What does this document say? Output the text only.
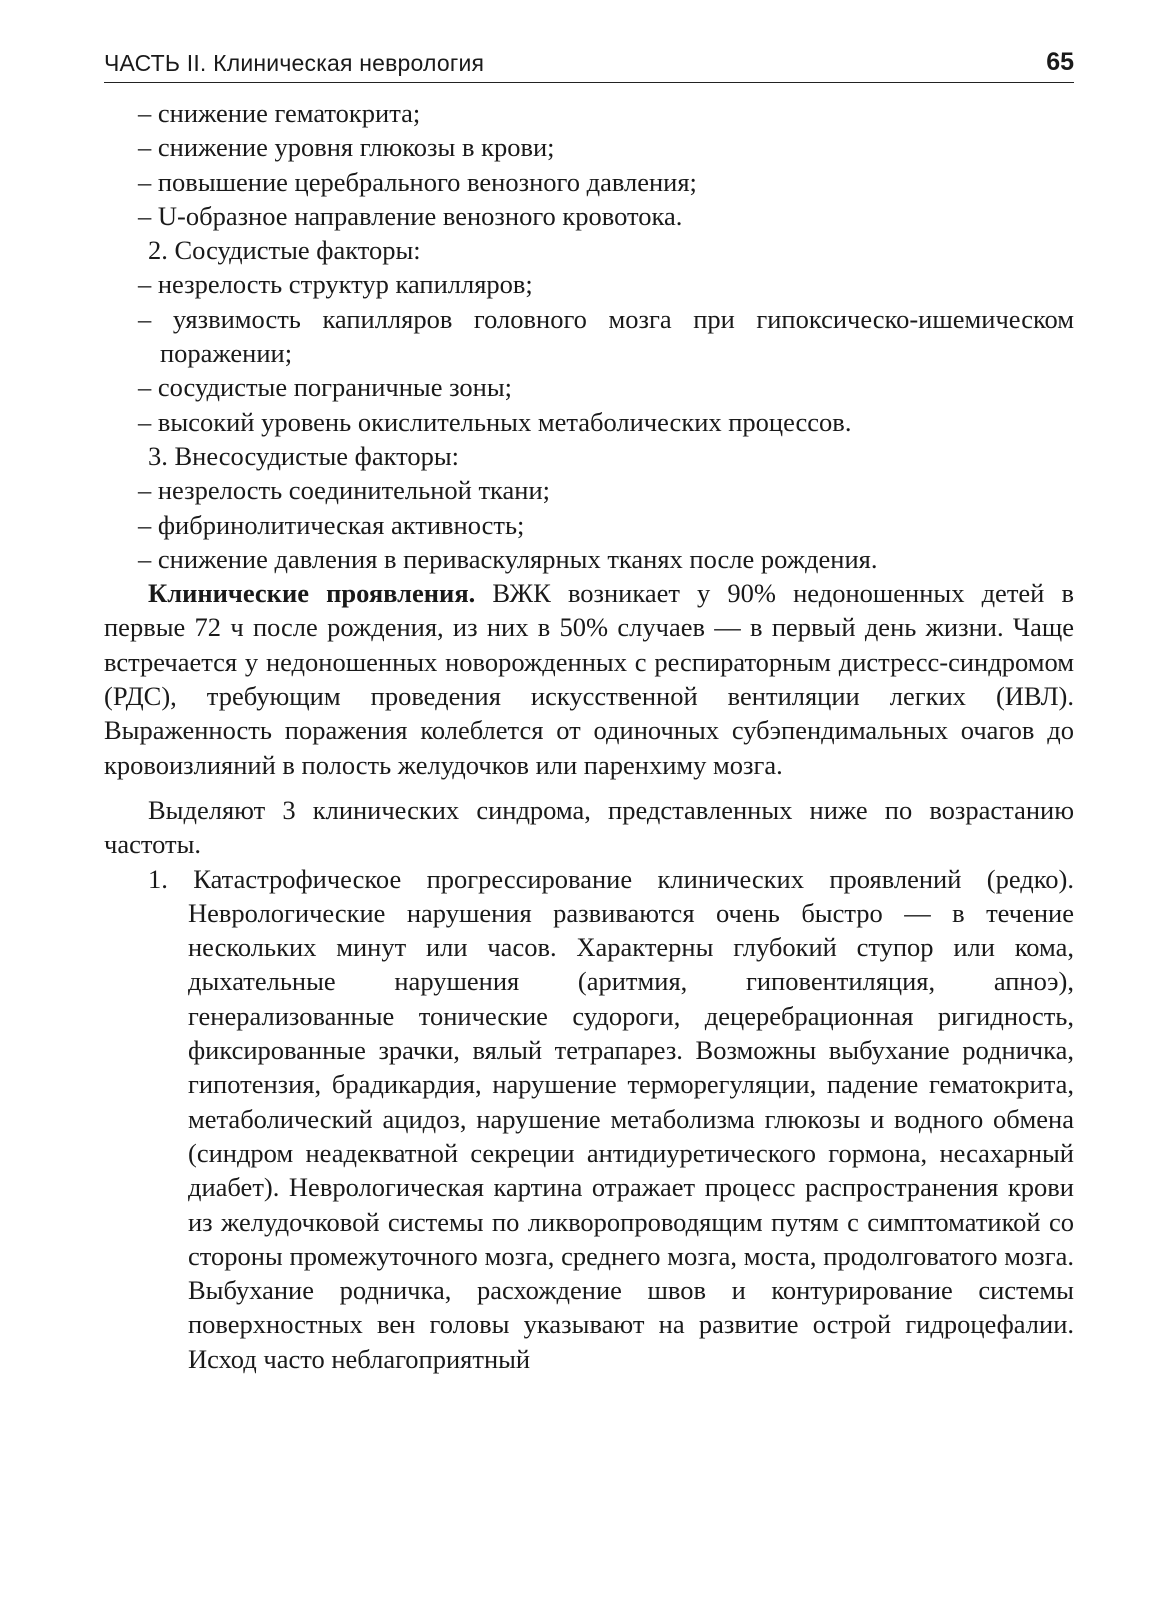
ЧАСТЬ II. Клиническая неврология	65

– снижение гематокрита;

– снижение уровня глюкозы в крови;

– повышение церебрального венозного давления;

– U-образное направление венозного кровотока.

2. Сосудистые факторы:

– незрелость структур капилляров;

– уязвимость капилляров головного мозга при гипоксическо-ишемическом поражении;

– сосудистые пограничные зоны;

– высокий уровень окислительных метаболических процессов.

3. Внесосудистые факторы:

– незрелость соединительной ткани;

– фибринолитическая активность;

– снижение давления в периваскулярных тканях после рождения.

Клинические проявления. ВЖК возникает у 90% недоношенных детей в первые 72 ч после рождения, из них в 50% случаев — в первый день жизни. Чаще встречается у недоношенных новорожденных с респираторным дистресс-синдромом (РДС), требующим проведения искусственной вентиляции легких (ИВЛ). Выраженность поражения колеблется от одиночных субэпендимальных очагов до кровоизлияний в полость желудочков или паренхиму мозга.

Выделяют 3 клинических синдрома, представленных ниже по возрастанию частоты.

1. Катастрофическое прогрессирование клинических проявлений (редко). Неврологические нарушения развиваются очень быстро — в течение нескольких минут или часов. Характерны глубокий ступор или кома, дыхательные нарушения (аритмия, гиповентиляция, апноэ), генерализованные тонические судороги, децеребрационная ригидность, фиксированные зрачки, вялый тетрапарез. Возможны выбухание родничка, гипотензия, брадикардия, нарушение терморегуляции, падение гематокрита, метаболический ацидоз, нарушение метаболизма глюкозы и водного обмена (синдром неадекватной секреции антидиуретического гормона, несахарный диабет). Неврологическая картина отражает процесс распространения крови из желудочковой системы по ликворопроводящим путям с симптоматикой со стороны промежуточного мозга, среднего мозга, моста, продолговатого мозга. Выбухание родничка, расхождение швов и контурирование системы поверхностных вен головы указывают на развитие острой гидроцефалии. Исход часто неблагоприятный
